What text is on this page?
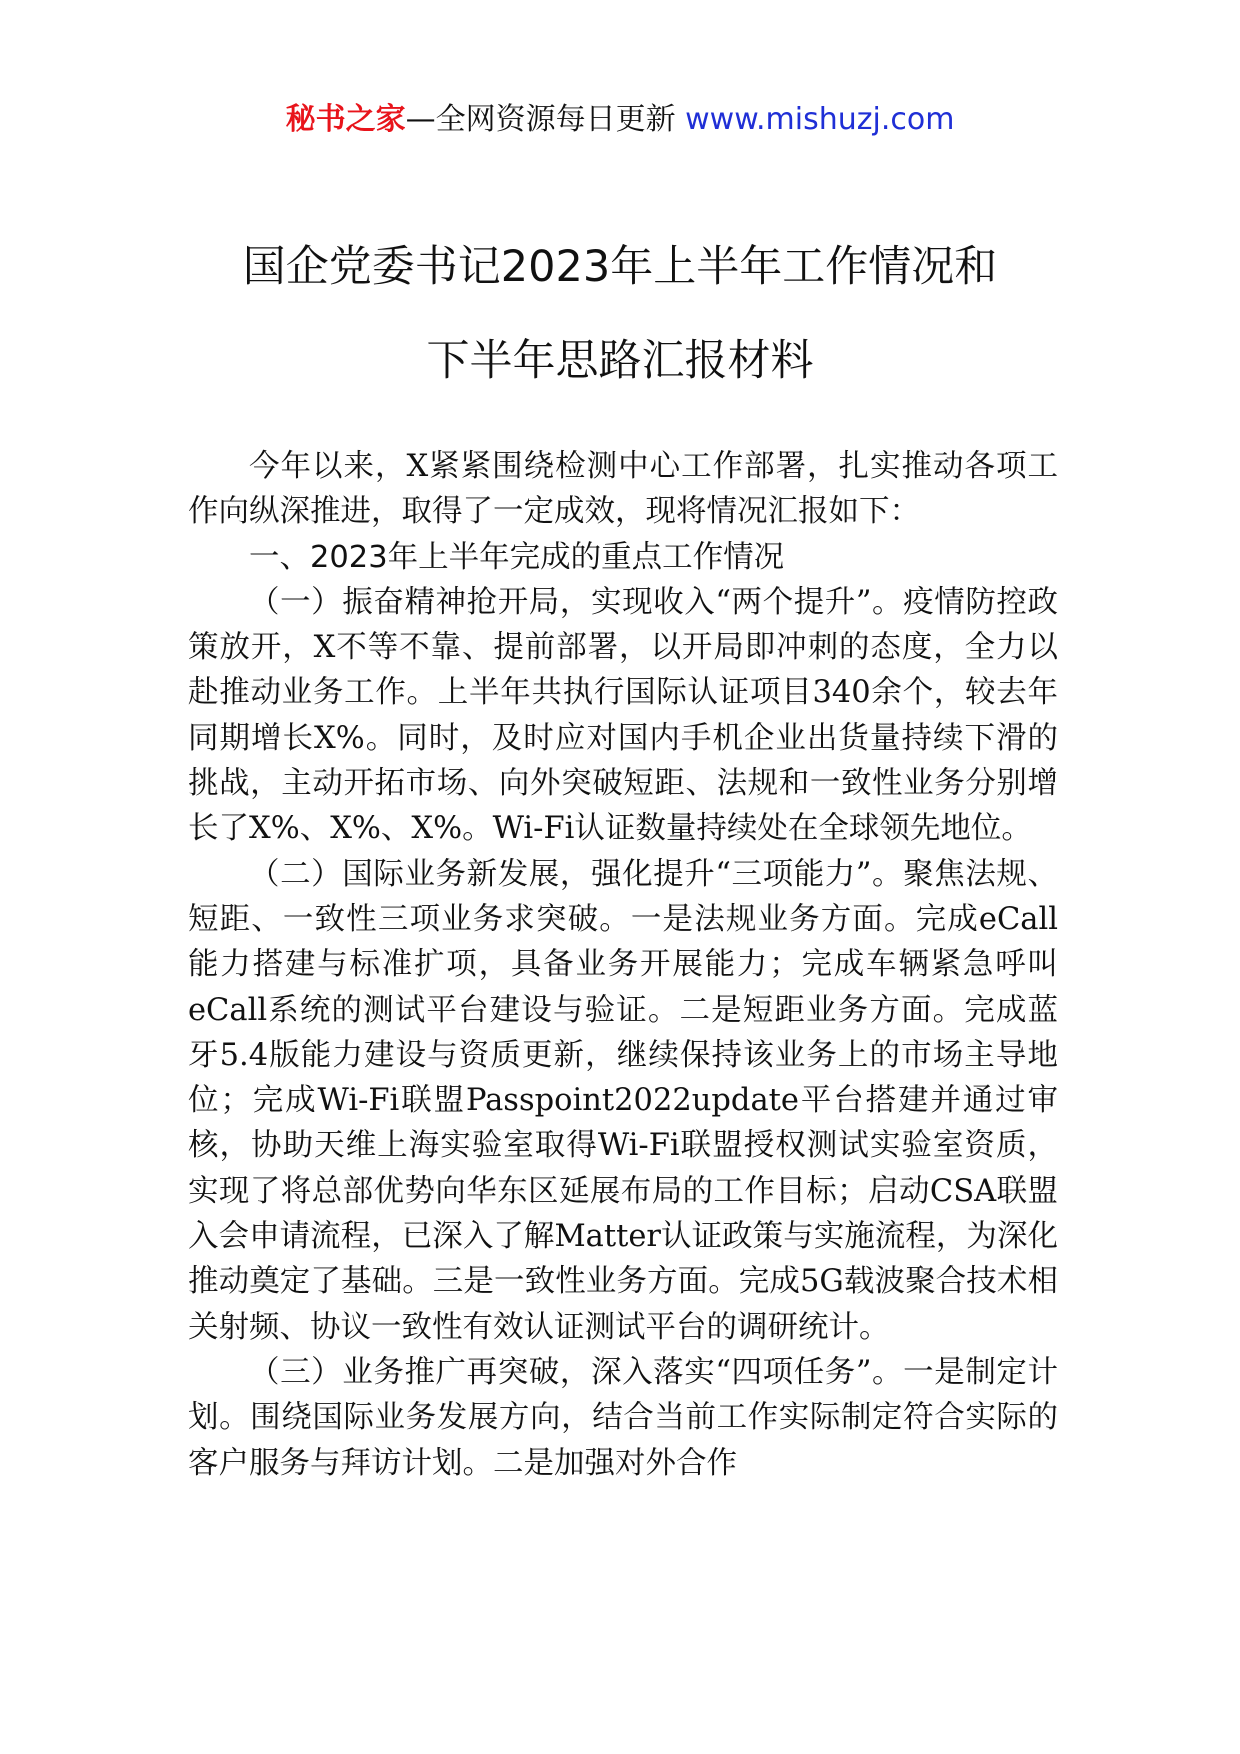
秘书之家—全网资源每日更新 www.mishuzj.com
国企党委书记2023年上半年工作情况和
下半年思路汇报材料

今年以来，X紧紧围绕检测中心工作部署，扎实推动各项工作向纵深推进，取得了一定成效，现将情况汇报如下：

一、2023年上半年完成的重点工作情况

（一）振奋精神抢开局，实现收入“两个提升”。疫情防控政策放开，X不等不靠、提前部署，以开局即冲刺的态度，全力以赴推动业务工作。上半年共执行国际认证项目340余个，较去年同期增长X%。同时，及时应对国内手机企业出货量持续下滑的挑战，主动开拓市场、向外突破短距、法规和一致性业务分别增长了X%、X%、X%。Wi-Fi认证数量持续处在全球领先地位。

（二）国际业务新发展，强化提升“三项能力”。聚焦法规、短距、一致性三项业务求突破。一是法规业务方面。完成eCall能力搭建与标准扩项，具备业务开展能力；完成车辆紧急呼叫eCall系统的测试平台建设与验证。二是短距业务方面。完成蓝牙5.4版能力建设与资质更新，继续保持该业务上的市场主导地位；完成Wi-Fi联盟Passpoint2022update平台搭建并通过审核，协助天维上海实验室取得Wi-Fi联盟授权测试实验室资质，实现了将总部优势向华东区延展布局的工作目标；启动CSA联盟入会申请流程，已深入了解Matter认证政策与实施流程，为深化推动奠定了基础。三是一致性业务方面。完成5G载波聚合技术相关射频、协议一致性有效认证测试平台的调研统计。

（三）业务推广再突破，深入落实“四项任务”。一是制定计划。围绕国际业务发展方向，结合当前工作实际制定符合实际的客户服务与拜访计划。二是加强对外合作
